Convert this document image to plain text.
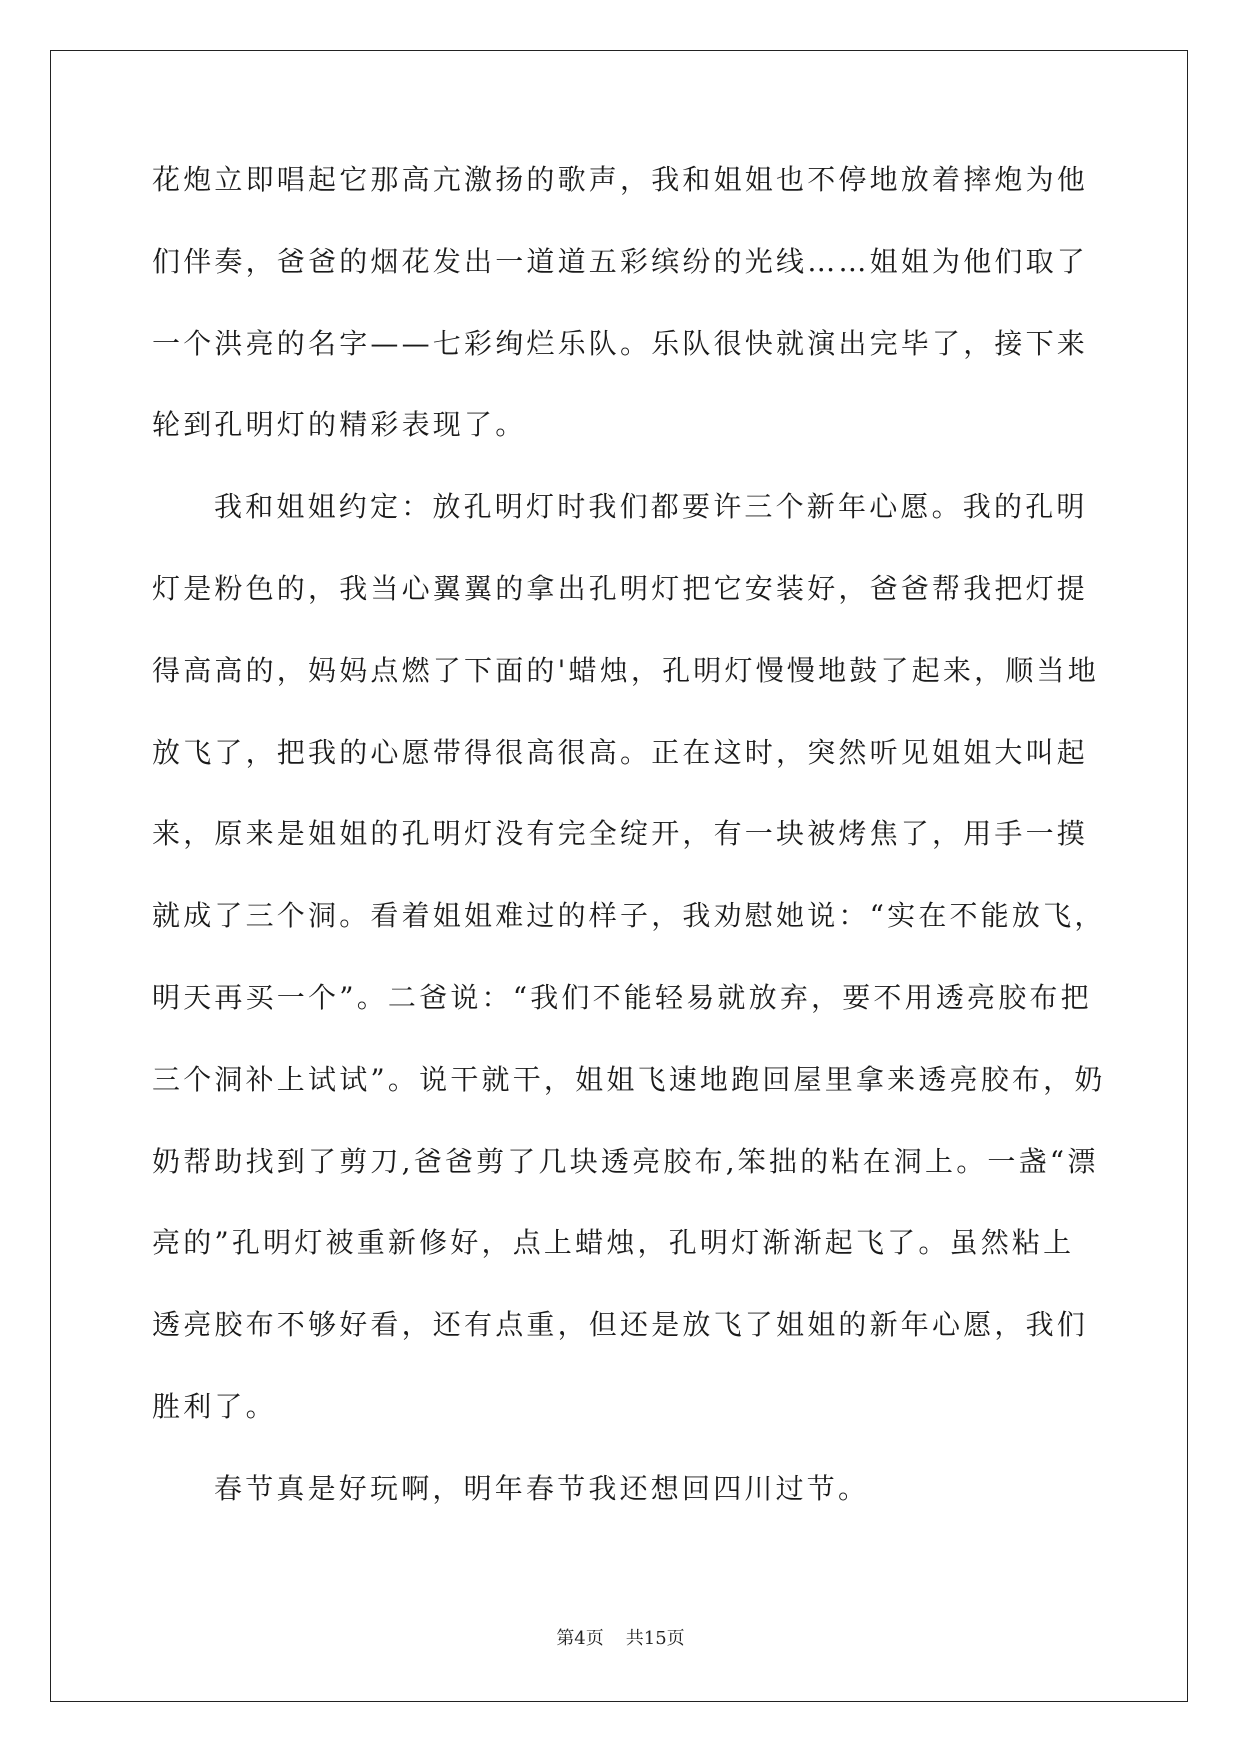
花炮立即唱起它那高亢激扬的歌声，我和姐姐也不停地放着摔炮为他
们伴奏，爸爸的烟花发出一道道五彩缤纷的光线……姐姐为他们取了
一个洪亮的名字——七彩绚烂乐队。乐队很快就演出完毕了，接下来
轮到孔明灯的精彩表现了。
我和姐姐约定：放孔明灯时我们都要许三个新年心愿。我的孔明
灯是粉色的，我当心翼翼的拿出孔明灯把它安装好，爸爸帮我把灯提
得高高的，妈妈点燃了下面的'蜡烛，孔明灯慢慢地鼓了起来，顺当地
放飞了，把我的心愿带得很高很高。正在这时，突然听见姐姐大叫起
来，原来是姐姐的孔明灯没有完全绽开，有一块被烤焦了，用手一摸
就成了三个洞。看着姐姐难过的样子，我劝慰她说：“实在不能放飞，
明天再买一个”。二爸说：“我们不能轻易就放弃，要不用透亮胶布把
三个洞补上试试”。说干就干，姐姐飞速地跑回屋里拿来透亮胶布，奶
奶帮助找到了剪刀,爸爸剪了几块透亮胶布,笨拙的粘在洞上。一盏“漂
亮的”孔明灯被重新修好，点上蜡烛，孔明灯渐渐起飞了。虽然粘上
透亮胶布不够好看，还有点重，但还是放飞了姐姐的新年心愿，我们
胜利了。
春节真是好玩啊，明年春节我还想回四川过节。
第4页 共15页
